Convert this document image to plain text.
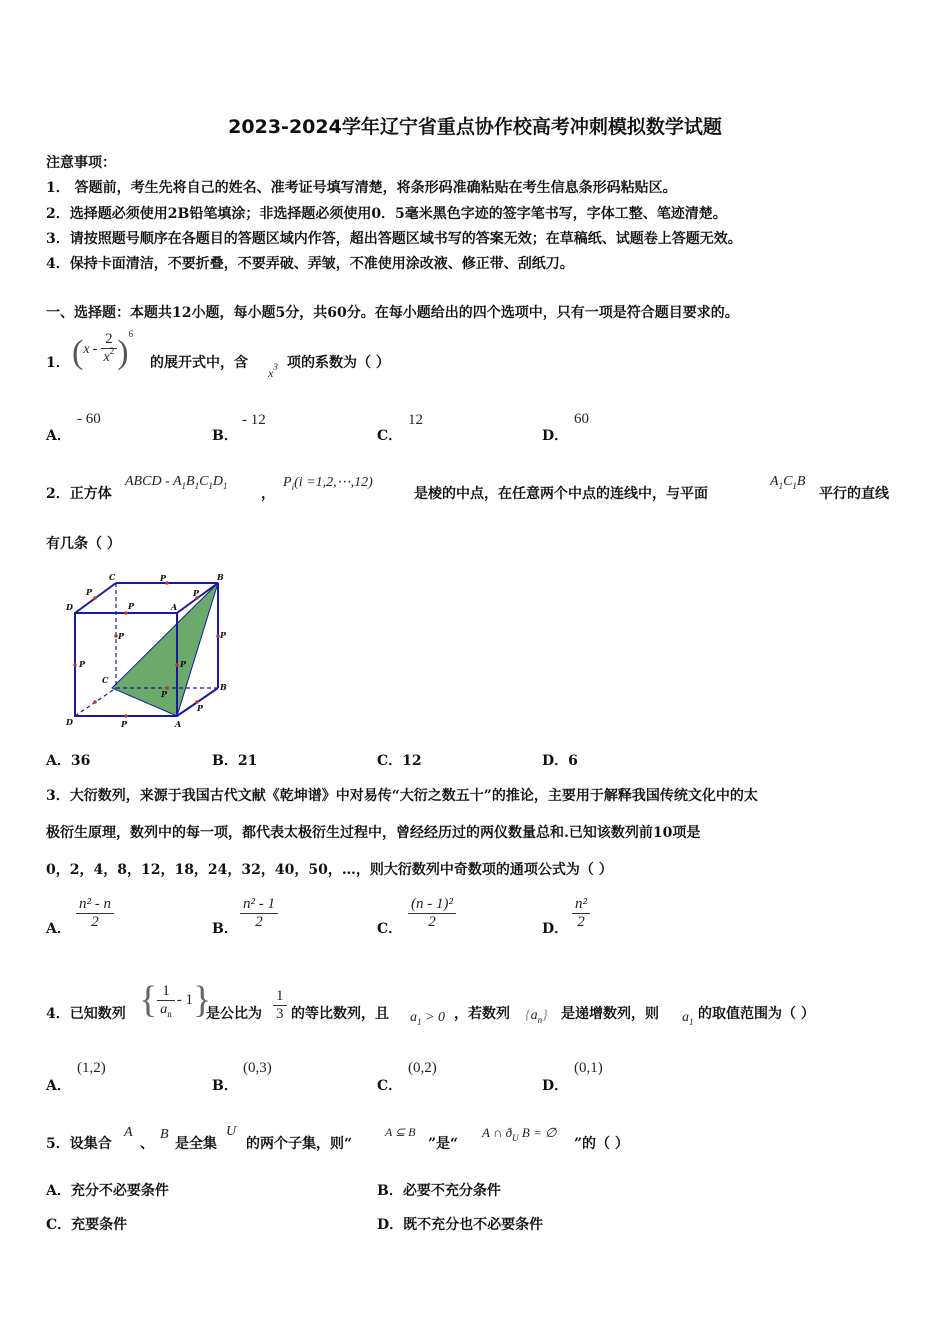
2023-2024学年辽宁省重点协作校高考冲刺模拟数学试题
注意事项：
1． 答题前，考生先将自己的姓名、准考证号填写清楚，将条形码准确粘贴在考生信息条形码粘贴区。
2．选择题必须使用2B铅笔填涂；非选择题必须使用0．5毫米黑色字迹的签字笔书写，字体工整、笔迹清楚。
3．请按照题号顺序在各题目的答题区域内作答，超出答题区域书写的答案无效；在草稿纸、试题卷上答题无效。
4．保持卡面清洁，不要折叠，不要弄破、弄皱，不准使用涂改液、修正带、刮纸刀。
一、选择题：本题共12小题，每小题5分，共60分。在每小题给出的四个选项中，只有一项是符合题目要求的。
1． $(x - \frac{2}{x^2} )^6$
的展开式中，含
$x^3$ 项的系数为（ ）
A．
- 60
B．
- 12
C．
12
D．
60
2．正方体
ABCD - $A_1B_1C_1D_1$ ，
$P_i(i$ =1,2,⋯,12)
是棱的中点，在任意两个中点的连线中，与平面
$A_1C_1B$
平行的直线
有几条（ ）
C	P
P
B
D	P
P
A
P
P
P	P
C
B
D
P
P
A
P
A．36	B．21	C．12	D．6
3．大衍数列，来源于我国古代文献《乾坤谱》中对易传“大衍之数五十”的推论，主要用于解释我国传统文化中的太
极衍生原理，数列中的每一项，都代表太极衍生过程中，曾经经历过的两仪数量总和.已知该数列前10项是
0，2，4，8，12，18，24，32，40，50，…，则大衍数列中奇数项的通项公式为（ ）
A． $\frac{\text{n² - n}}{2}$	B． $\frac{\text{n² - 1}}{2}$	C． $\frac{\text{(n - 1)²}}{2}$	D． $\frac{\text{n²}}{2}$
4．已知数列 { $\frac{1}{a_n} - 1$}
是公比为 $\frac{1}{3}$ 的等比数列，且 $a_1 > 0$ ，若数列 $\{a_n\}$ 是递增数列，则 $a_1$ 的取值范围为（ ）
A．
(1,2)
B．
(0,3)
C．
(0,2)
D．
(0,1)
5．设集合
A
、
B
是全集
U
的两个子集，则“
A ⊆ B
”是“
A ∩ $ð_U$ B = ∅
”的（ ）
A．充分不必要条件	B．必要不充分条件
C．充要条件	D．既不充分也不必要条件
